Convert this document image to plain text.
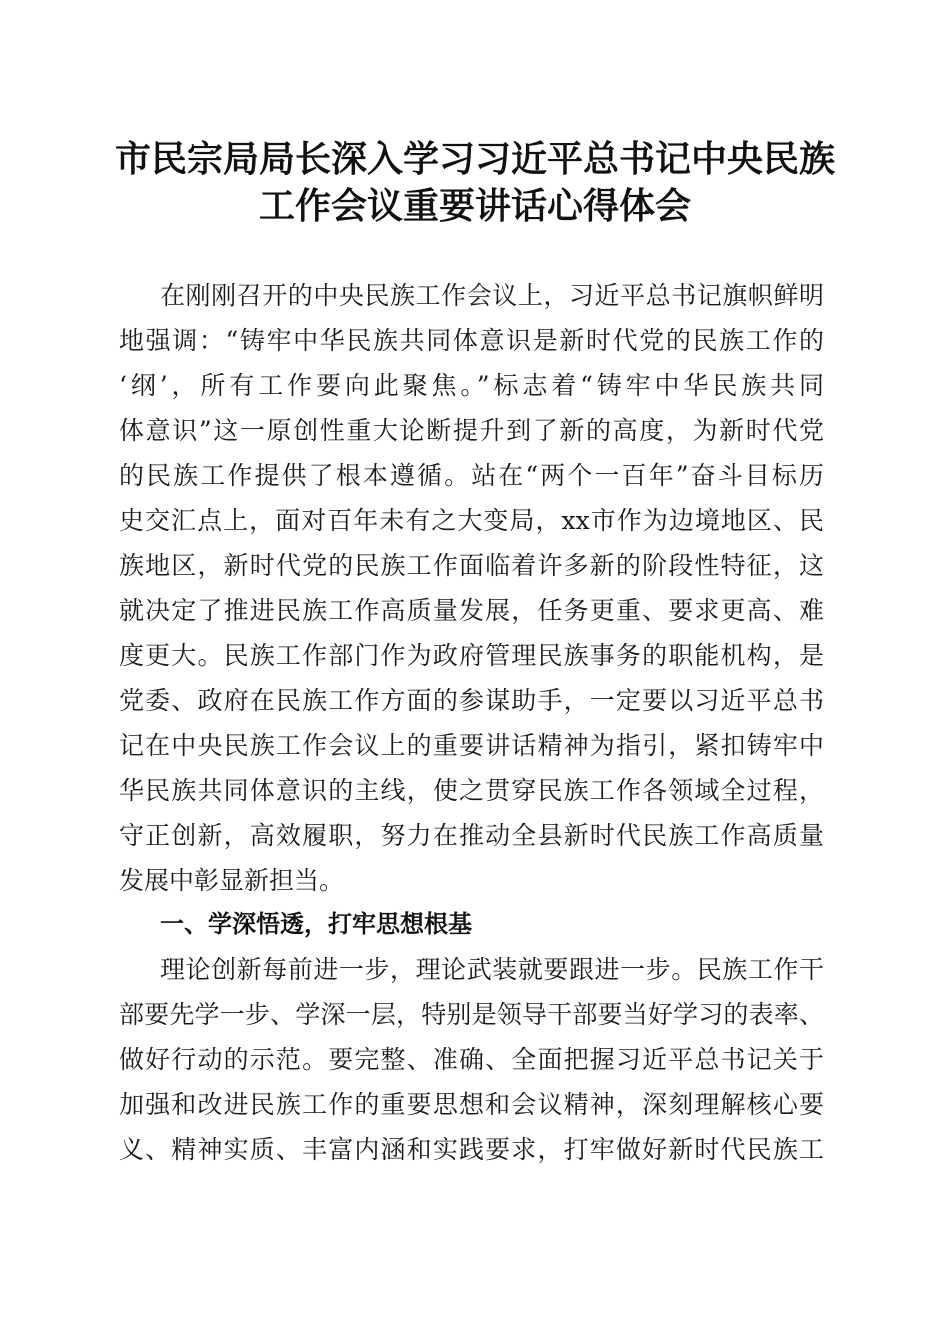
市民宗局局长深入学习习近平总书记中央民族
工作会议重要讲话心得体会
在刚刚召开的中央民族工作会议上，习近平总书记旗帜鲜明
地强调：“铸牢中华民族共同体意识是新时代党的民族工作的
‘纲’，所有工作要向此聚焦。”标志着“铸牢中华民族共同
体意识”这一原创性重大论断提升到了新的高度，为新时代党
的民族工作提供了根本遵循。站在“两个一百年”奋斗目标历
史交汇点上，面对百年未有之大变局，xx市作为边境地区、民
族地区，新时代党的民族工作面临着许多新的阶段性特征，这
就决定了推进民族工作高质量发展，任务更重、要求更高、难
度更大。民族工作部门作为政府管理民族事务的职能机构，是
党委、政府在民族工作方面的参谋助手，一定要以习近平总书
记在中央民族工作会议上的重要讲话精神为指引，紧扣铸牢中
华民族共同体意识的主线，使之贯穿民族工作各领域全过程，
守正创新，高效履职，努力在推动全县新时代民族工作高质量
发展中彰显新担当。
一、学深悟透，打牢思想根基
理论创新每前进一步，理论武装就要跟进一步。民族工作干
部要先学一步、学深一层，特别是领导干部要当好学习的表率、
做好行动的示范。要完整、准确、全面把握习近平总书记关于
加强和改进民族工作的重要思想和会议精神，深刻理解核心要
义、精神实质、丰富内涵和实践要求，打牢做好新时代民族工
